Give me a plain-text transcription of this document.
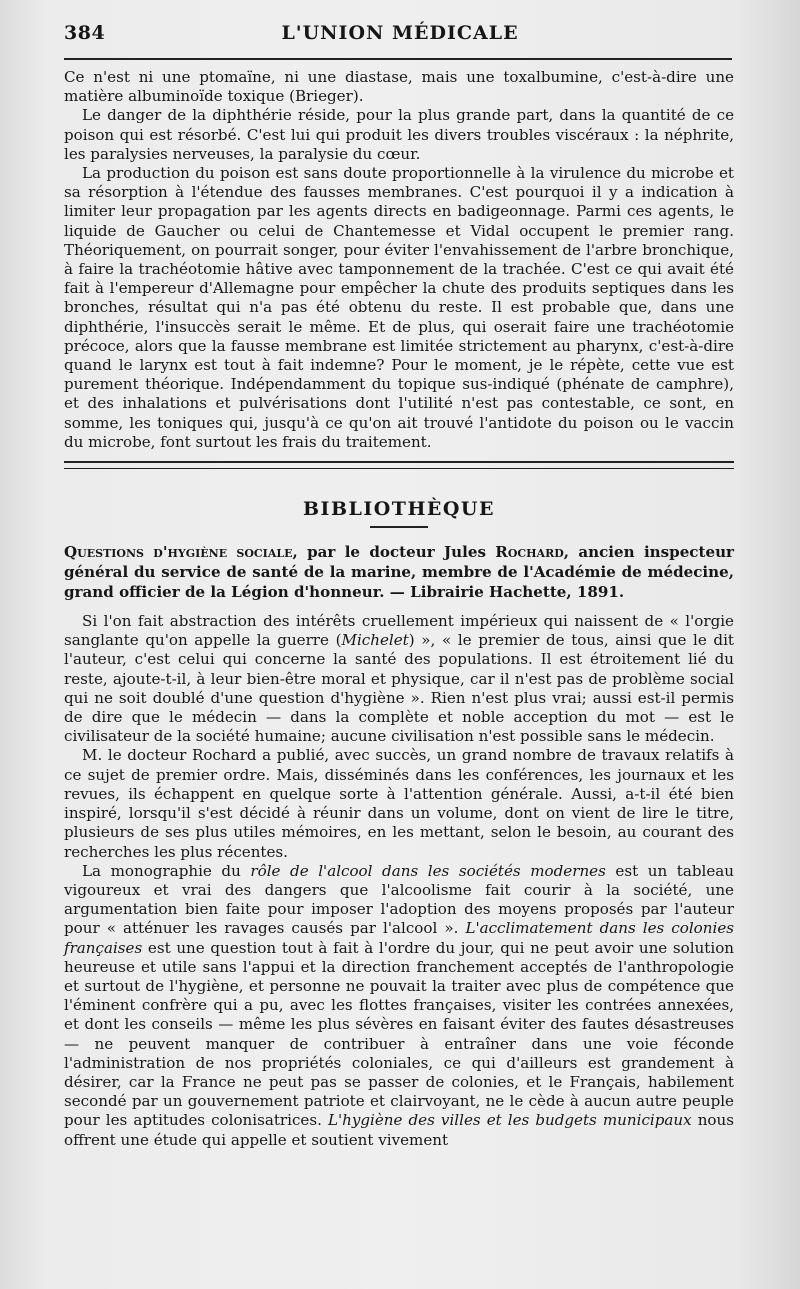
384	L'UNION MÉDICALE

Ce n'est ni une ptomaïne, ni une diastase, mais une toxalbumine, c'est-à-dire une matière albuminoïde toxique (Brieger).

Le danger de la diphthérie réside, pour la plus grande part, dans la quantité de ce poison qui est résorbé. C'est lui qui produit les divers troubles viscéraux : la néphrite, les paralysies nerveuses, la paralysie du cœur.

La production du poison est sans doute proportionnelle à la virulence du microbe et sa résorption à l'étendue des fausses membranes. C'est pourquoi il y a indication à limiter leur propagation par les agents directs en badigeonnage. Parmi ces agents, le liquide de Gaucher ou celui de Chantemesse et Vidal occupent le premier rang. Théoriquement, on pourrait songer, pour éviter l'envahissement de l'arbre bronchique, à faire la trachéotomie hâtive avec tamponnement de la trachée. C'est ce qui avait été fait à l'empereur d'Allemagne pour empêcher la chute des produits septiques dans les bronches, résultat qui n'a pas été obtenu du reste. Il est probable que, dans une diphthérie, l'insuccès serait le même. Et de plus, qui oserait faire une trachéotomie précoce, alors que la fausse membrane est limitée strictement au pharynx, c'est-à-dire quand le larynx est tout à fait indemne? Pour le moment, je le répète, cette vue est purement théorique. Indépendamment du topique sus-indiqué (phénate de camphre), et des inhalations et pulvérisations dont l'utilité n'est pas contestable, ce sont, en somme, les toniques qui, jusqu'à ce qu'on ait trouvé l'antidote du poison ou le vaccin du microbe, font surtout les frais du traitement.

BIBLIOTHÈQUE
Questions d'hygiène sociale, par le docteur Jules Rochard, ancien inspecteur général du service de santé de la marine, membre de l'Académie de médecine, grand officier de la Légion d'honneur. — Librairie Hachette, 1891.

Si l'on fait abstraction des intérêts cruellement impérieux qui naissent de « l'orgie sanglante qu'on appelle la guerre (Michelet) », « le premier de tous, ainsi que le dit l'auteur, c'est celui qui concerne la santé des populations. Il est étroitement lié du reste, ajoute-t-il, à leur bien-être moral et physique, car il n'est pas de problème social qui ne soit doublé d'une question d'hygiène ». Rien n'est plus vrai; aussi est-il permis de dire que le médecin — dans la complète et noble acception du mot — est le civilisateur de la société humaine; aucune civilisation n'est possible sans le médecin.

M. le docteur Rochard a publié, avec succès, un grand nombre de travaux relatifs à ce sujet de premier ordre. Mais, disséminés dans les conférences, les journaux et les revues, ils échappent en quelque sorte à l'attention générale. Aussi, a-t-il été bien inspiré, lorsqu'il s'est décidé à réunir dans un volume, dont on vient de lire le titre, plusieurs de ses plus utiles mémoires, en les mettant, selon le besoin, au courant des recherches les plus récentes.

La monographie du rôle de l'alcool dans les sociétés modernes est un tableau vigoureux et vrai des dangers que l'alcoolisme fait courir à la société, une argumentation bien faite pour imposer l'adoption des moyens proposés par l'auteur pour « atténuer les ravages causés par l'alcool ». L'acclimatement dans les colonies françaises est une question tout à fait à l'ordre du jour, qui ne peut avoir une solution heureuse et utile sans l'appui et la direction franchement acceptés de l'anthropologie et surtout de l'hygiène, et personne ne pouvait la traiter avec plus de compétence que l'éminent confrère qui a pu, avec les flottes françaises, visiter les contrées annexées, et dont les conseils — même les plus sévères en faisant éviter des fautes désastreuses — ne peuvent manquer de contribuer à entraîner dans une voie féconde l'administration de nos propriétés coloniales, ce qui d'ailleurs est grandement à désirer, car la France ne peut pas se passer de colonies, et le Français, habilement secondé par un gouvernement patriote et clairvoyant, ne le cède à aucun autre peuple pour les aptitudes colonisatrices. L'hygiène des villes et les budgets municipaux nous offrent une étude qui appelle et soutient vivement
